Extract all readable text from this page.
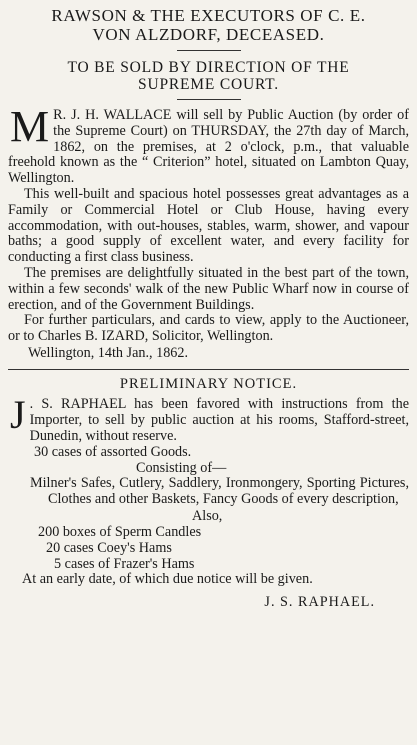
RAWSON & THE EXECUTORS OF C. E.

VON ALZDORF, DECEASED.

TO BE SOLD BY DIRECTION OF THE

SUPREME COURT.

M R. J. H. WALLACE will sell by Public Auction (by order of the Supreme Court) on THURSDAY, the 27th day of March, 1862, on the premises, at 2 o'clock, p.m., that valuable freehold known as the “ Criterion” hotel, situated on Lambton Quay, Wellington.

This well-built and spacious hotel possesses great advantages as a Family or Commercial Hotel or Club House, having every accommodation, with out-houses, stables, warm, shower, and vapour baths; a good supply of excellent water, and every facility for conducting a first class business.

The premises are delightfully situated in the best part of the town, within a few seconds' walk of the new Public Wharf now in course of erection, and of the Government Buildings.

For further particulars, and cards to view, apply to the Auctioneer, or to Charles B. IZARD, Solicitor, Wellington.

Wellington, 14th Jan., 1862.

PRELIMINARY NOTICE.

J . S. RAPHAEL has been favored with instructions from the Importer, to sell by public auction at his rooms, Stafford-street, Dunedin, without reserve.

30 cases of assorted Goods.

Consisting of—

Milner's Safes, Cutlery, Saddlery, Ironmongery, Sporting Pictures, Clothes and other Baskets, Fancy Goods of every description,

Also,

200 boxes of Sperm Candles

20 cases Coey's Hams

5 cases of Frazer's Hams

At an early date, of which due notice will be given.

J. S. RAPHAEL.
